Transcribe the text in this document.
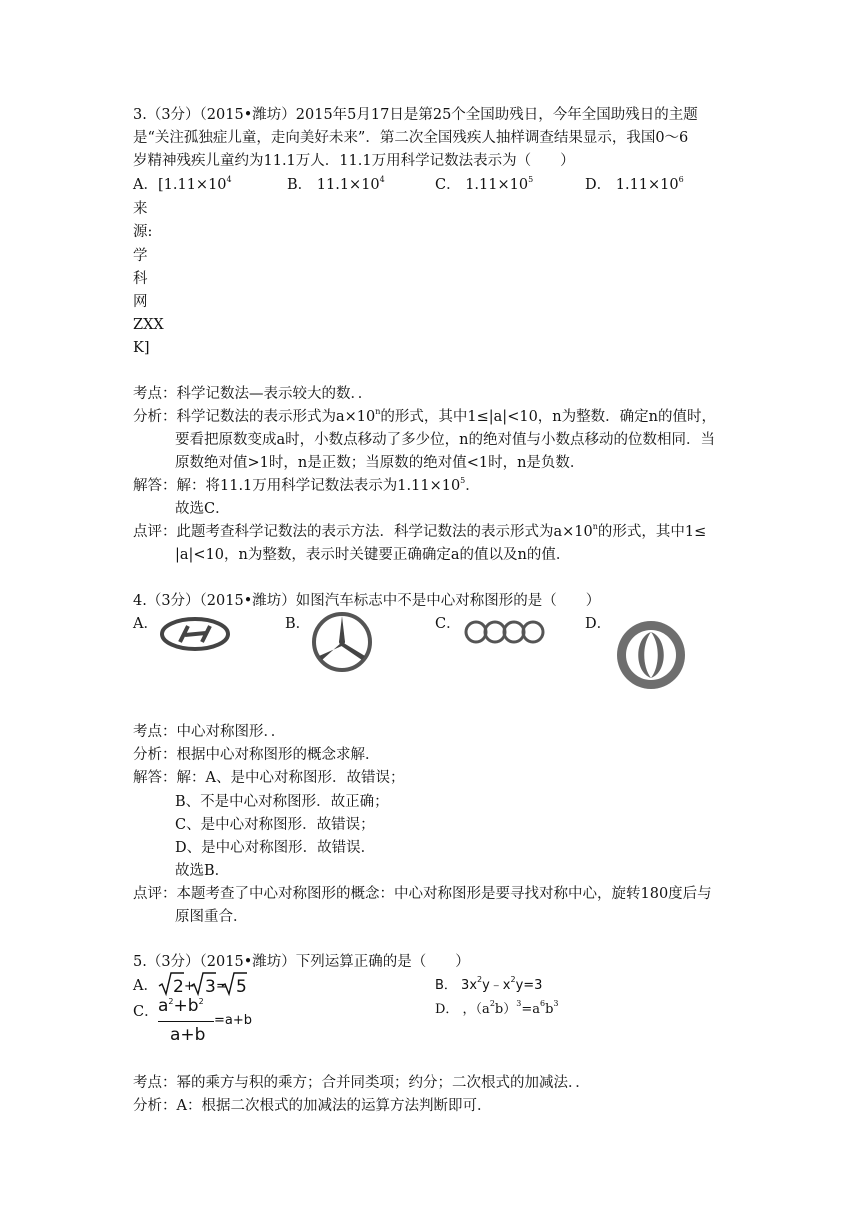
3.（3分）（2015•潍坊）2015年5月17日是第25个全国助残日，今年全国助残日的主题
是“关注孤独症儿童，走向美好未来”．第二次全国残疾人抽样调查结果显示，我国0～6
岁精神残疾儿童约为11.1万人．11.1万用科学记数法表示为（　　）
A．[$1.11\times 10^4$	B． $11.1\times 10^4$	C． $1.11\times 10^5$	D． $1.11\times 10^6$
来
源:
学
科
网
ZXX
K]
考点：科学记数法—表示较大的数．．
分析：科学记数法的表示形式为$a\times 10^n$的形式，其中1≤|a|<10，n为整数．确定n的值时，
要看把原数变成a时，小数点移动了多少位，n的绝对值与小数点移动的位数相同．当
原数绝对值>1时，n是正数；当原数的绝对值<1时，n是负数．
解答：解：将11.1万用科学记数法表示为$1.11\times 10^5$．
故选C．
点评：此题考查科学记数法的表示方法．科学记数法的表示形式为$a\times 10^n$的形式，其中1≤
|a|<10，n为整数，表示时关键要正确确定a的值以及n的值．
4.（3分）（2015•潍坊）如图汽车标志中不是中心对称图形的是（　　）
A．	B．	C．	D．
考点：中心对称图形．．
分析：根据中心对称图形的概念求解．
解答：解：A、是中心对称图形．故错误；
B、不是中心对称图形．故正确；
C、是中心对称图形．故错误；
D、是中心对称图形．故错误．
故选B．
点评：本题考查了中心对称图形的概念：中心对称图形是要寻找对称中心，旋转180度后与
原图重合．
5.（3分）（2015•潍坊）下列运算正确的是（　　）
A． 2 + 3 = 5	B． $3x^2y﹣x^2y=3$
C． $a^2+b^2$
a+b
=a+b
D． ，$(a^2b)^3=a^6b^3$
考点：幂的乘方与积的乘方；合并同类项；约分；二次根式的加减法．．
分析：A：根据二次根式的加减法的运算方法判断即可．
